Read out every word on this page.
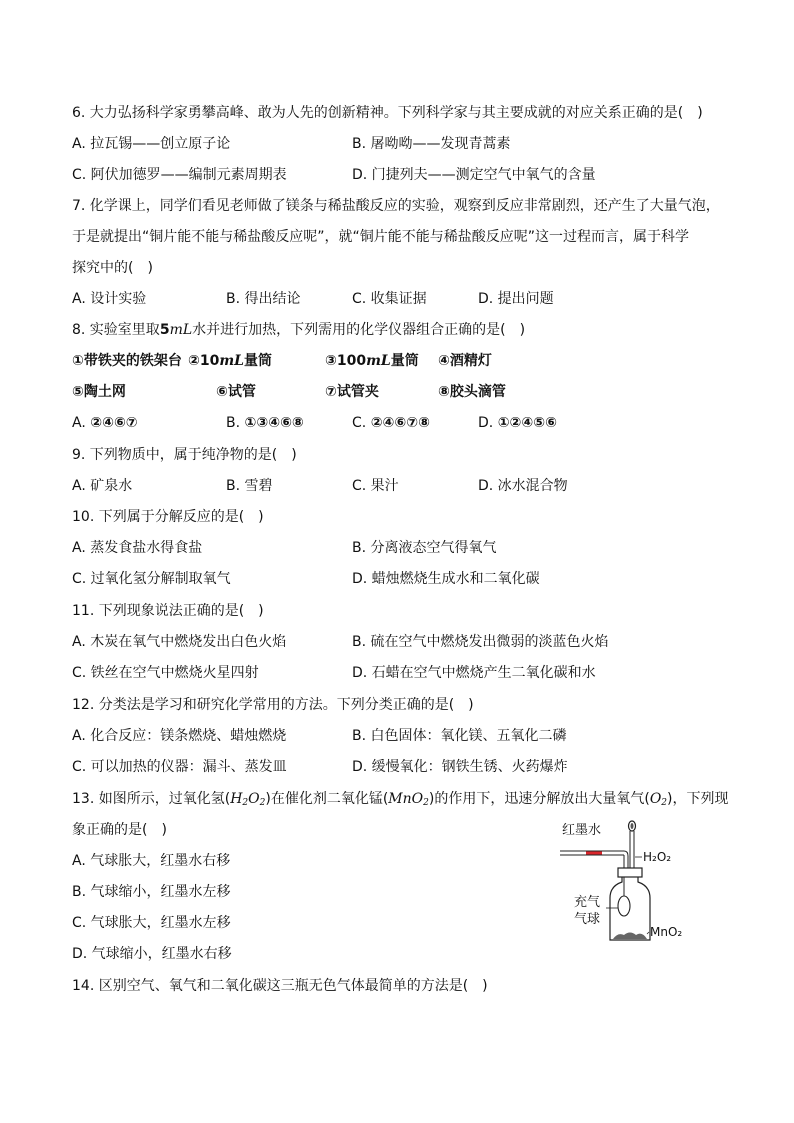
6. 大力弘扬科学家勇攀高峰、敢为人先的创新精神。下列科学家与其主要成就的对应关系正确的是(　)
A. 拉瓦锡——创立原子论	B. 屠呦呦——发现青蒿素
C. 阿伏加德罗——编制元素周期表	D. 门捷列夫——测定空气中氧气的含量
7. 化学课上，同学们看见老师做了镁条与稀盐酸反应的实验，观察到反应非常剧烈，还产生了大量气泡，
于是就提出“铜片能不能与稀盐酸反应呢”，就“铜片能不能与稀盐酸反应呢”这一过程而言，属于科学
探究中的(　)
A. 设计实验	B. 得出结论	C. 收集证据	D. 提出问题
8. 实验室里取5mL水并进行加热，下列需用的化学仪器组合正确的是(　)
①带铁夹的铁架台 ②10mL量筒	③100mL量筒 ④酒精灯
⑤陶土网	⑥试管	⑦试管夹	⑧胶头滴管
A. ②④⑥⑦	B. ①③④⑥⑧	C. ②④⑥⑦⑧	D. ①②④⑤⑥
9. 下列物质中，属于纯净物的是(　)
A. 矿泉水	B. 雪碧	C. 果汁	D. 冰水混合物
10. 下列属于分解反应的是(　)
A. 蒸发食盐水得食盐	B. 分离液态空气得氧气
C. 过氧化氢分解制取氧气	D. 蜡烛燃烧生成水和二氧化碳
11. 下列现象说法正确的是(　)
A. 木炭在氧气中燃烧发出白色火焰	B. 硫在空气中燃烧发出微弱的淡蓝色火焰
C. 铁丝在空气中燃烧火星四射	D. 石蜡在空气中燃烧产生二氧化碳和水
12. 分类法是学习和研究化学常用的方法。下列分类正确的是(　)
A. 化合反应：镁条燃烧、蜡烛燃烧	B. 白色固体：氧化镁、五氧化二磷
C. 可以加热的仪器：漏斗、蒸发皿	D. 缓慢氧化：钢铁生锈、火药爆炸
13. 如图所示，过氧化氢$(H_2O_2)$在催化剂二氧化锰(MnO$_2$)的作用下，迅速分解放出大量氧气$(O_2)$，下列现
象正确的是(　)
A. 气球胀大，红墨水右移
B. 气球缩小，红墨水左移
C. 气球胀大，红墨水左移
D. 气球缩小，红墨水右移
红墨水
H₂O₂
充气
气球
MnO₂
14. 区别空气、氧气和二氧化碳这三瓶无色气体最简单的方法是(　)
